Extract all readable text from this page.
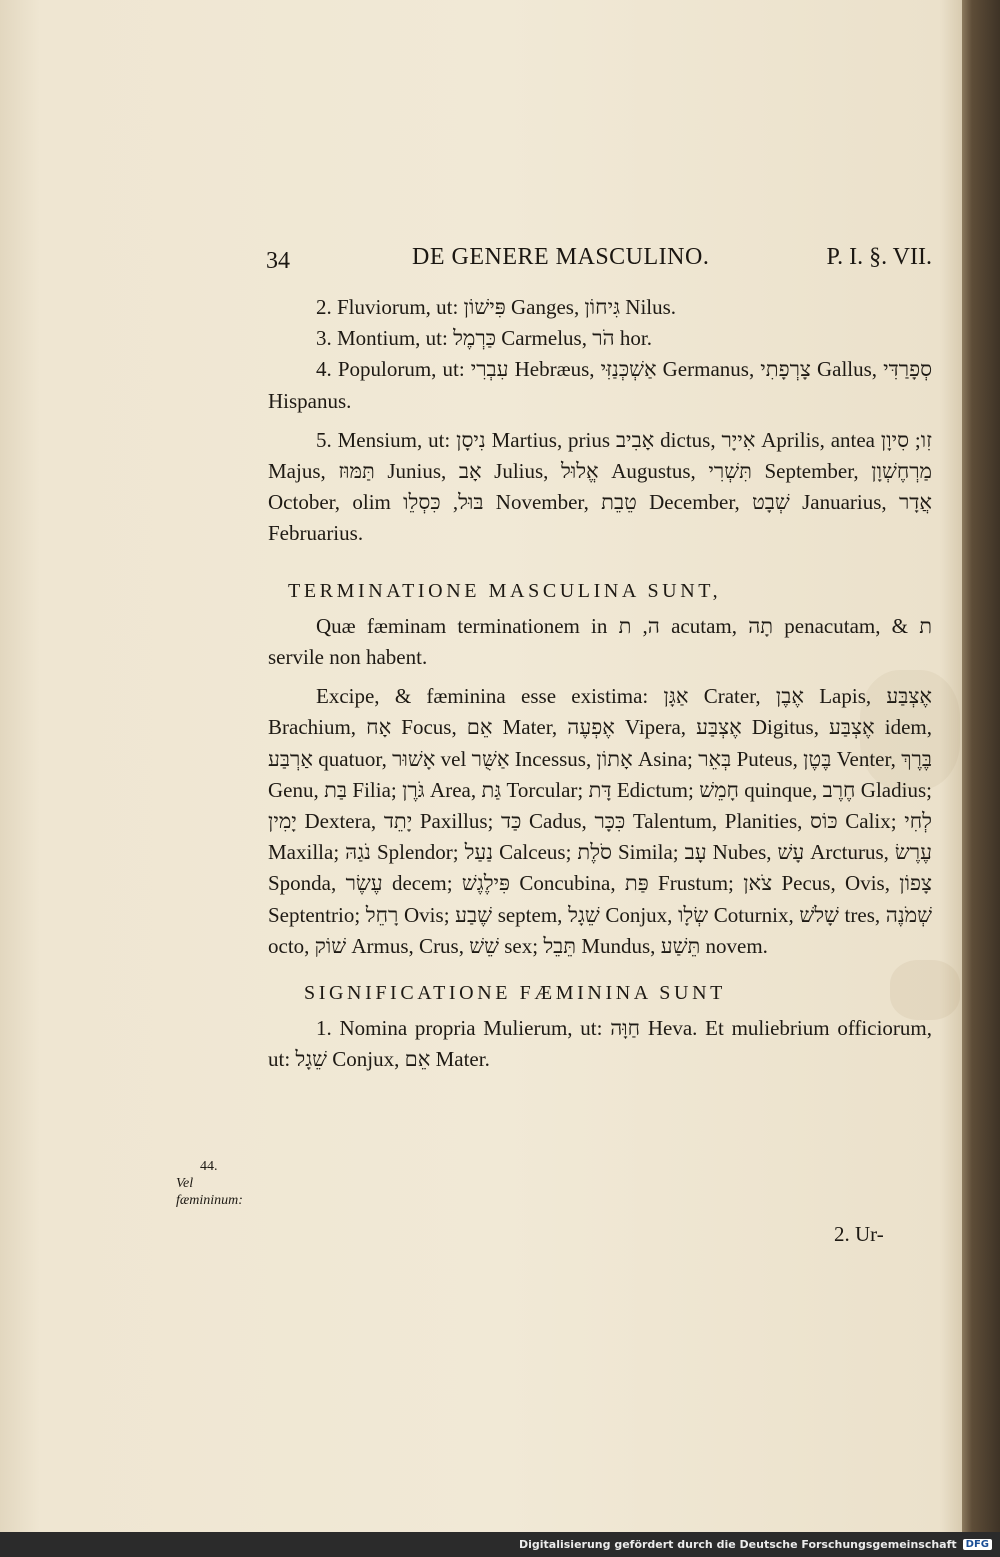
34	DE GENERE MASCULINO.	P. I. §. VII.

2. Fluviorum, ut: פִּישׁוֹן Ganges, גִּיחוֹן Nilus.

3. Montium, ut: כַּרְמֶל Carmelus, הֹר hor.

4. Populorum, ut: עִבְרִי Hebræus, אַשְׁכְּנַזִּי Germanus, צָרְפָתִי Gallus, סְפָרַדִּי Hispanus.

5. Mensium, ut: נִיסָן Martius, prius אָבִיב dictus, אִייָר Aprilis, antea זִו; סִיוָן Majus, תַּמּוּז Junius, אָב Julius, אֱלוּל Augustus, תִּשְׁרִי September, מַרְחֶשְׁוָן October, olim בּוּל, כִּסְלֵו November, טֵבֵת December, שְׁבָט Januarius, אֲדָר Februarius.

TERMINATIONE MASCULINA SUNT,

Quæ fæminam terminationem in ה, ת acutam, תָה penacutam, & ת servile non habent.

Excipe, & fæminina esse existima: אַגָּן Crater, אֶבֶן Lapis, אֶצְבַּע Brachium, אָח Focus, אֵם Mater, אֶפְעֶה Vipera, אֶצְבַּע Digitus, אֶצְבַּע idem, אַרְבַּע quatuor, אָשׁוּר vel אַשֻּׁר Incessus, אָתוֹן Asina; בְּאֵר Puteus, בֶּטֶן Venter, בֶּרֶךְ Genu, בַּת Filia; גֹּרֶן Area, גַּת Torcular; דָּת Edictum; חָמֵשׁ quinque, חֶרֶב Gladius; יָמִין Dextera, יָתֵד Paxillus; כַּד Cadus, כִּכָּר Talentum, Planities, כּוֹס Calix; לְחִי Maxilla; נֹגַהּ Splendor; נַעַל Calceus; סֹלֶת Simila; עָב Nubes, עָשׁ Arcturus, עֶרֶשׂ Sponda, עֶשֶׂר decem; פִּילֶגֶשׁ Concubina, פַּת Frustum; צֹאן Pecus, Ovis, צָפוֹן Septentrio; רָחֵל Ovis; שֶׁבַע septem, שֵׁגָל Conjux, שְׂלָו Coturnix, שָׁלשׁ tres, שְׁמֹנֶה octo, שׁוֹק Armus, Crus, שֵׁשׁ sex; תֵּבֵל Mundus, תֵּשַׁע novem.

SIGNIFICATIONE FÆMININA SUNT

1. Nomina propria Mulierum, ut: חַוָּה Heva. Et muliebrium officiorum, ut: שֵׁגָל Conjux, אֵם Mater.

44.
Vel fæmininum:
2. Ur-
Digitalisierung gefördert durch die Deutsche Forschungsgemeinschaft DFG
